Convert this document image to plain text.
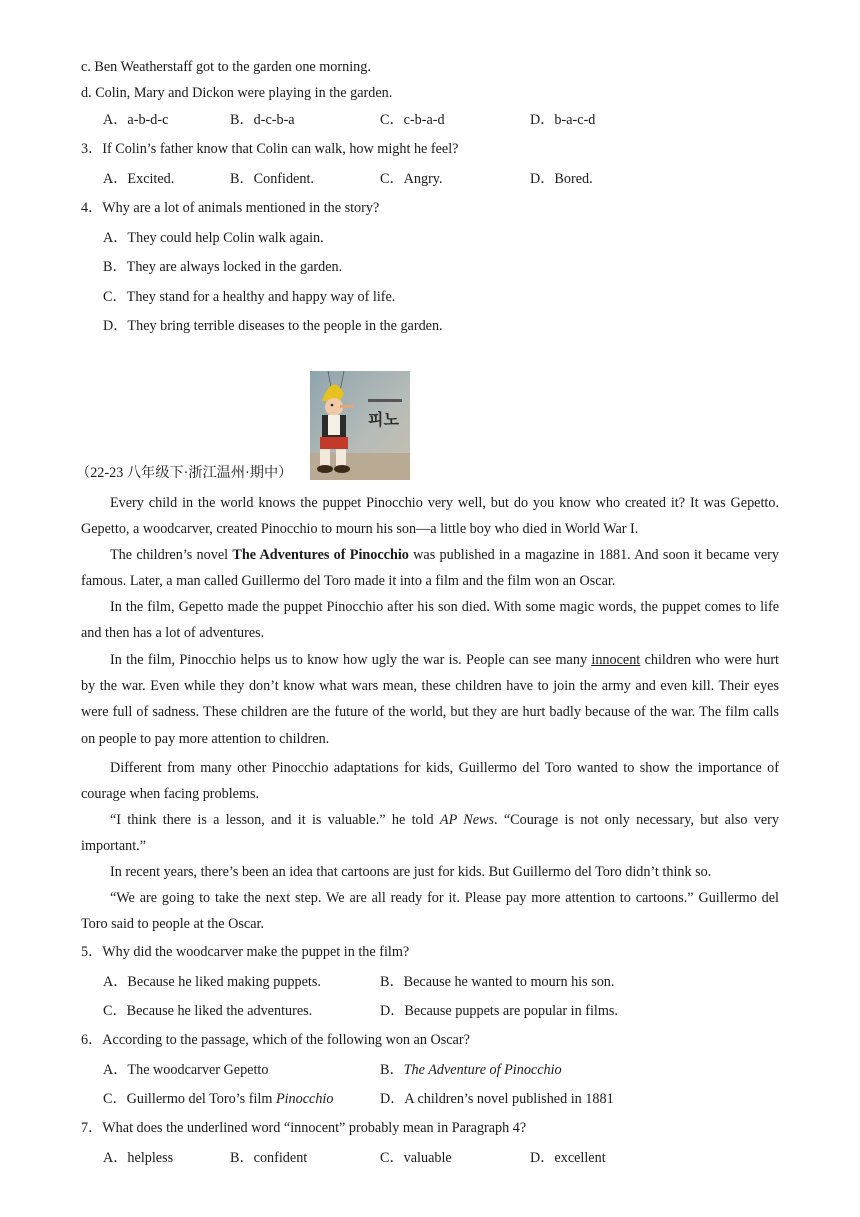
c. Ben Weatherstaff got to the garden one morning.
d. Colin, Mary and Dickon were playing in the garden.
A．a-b-d-c	B．d-c-b-a	C．c-b-a-d	D．b-a-c-d
3．If Colin’s father know that Colin can walk, how might he feel?
A．Excited.	B．Confident.	C．Angry.	D．Bored.
4．Why are a lot of animals mentioned in the story?
A．They could help Colin walk again.
B．They are always locked in the garden.
C．They stand for a healthy and happy way of life.
D．They bring terrible diseases to the people in the garden.
피노
（22-23 八年级下·浙江温州·期中）
Every child in the world knows the puppet Pinocchio very well, but do you know who created it? It was Gepetto. Gepetto, a woodcarver, created Pinocchio to mourn his son—a little boy who died in World War I.
The children’s novel The Adventures of Pinocchio was published in a magazine in 1881. And soon it became very famous. Later, a man called Guillermo del Toro made it into a film and the film won an Oscar.
In the film, Gepetto made the puppet Pinocchio after his son died. With some magic words, the puppet comes to life and then has a lot of adventures.
In the film, Pinocchio helps us to know how ugly the war is. People can see many innocent children who were hurt by the war. Even while they don’t know what wars mean, these children have to join the army and even kill. Their eyes were full of sadness. These children are the future of the world, but they are hurt badly because of the war. The film calls on people to pay more attention to children.
Different from many other Pinocchio adaptations for kids, Guillermo del Toro wanted to show the importance of courage when facing problems.
“I think there is a lesson, and it is valuable.” he told AP News. “Courage is not only necessary, but also very important.”
In recent years, there’s been an idea that cartoons are just for kids. But Guillermo del Toro didn’t think so.
“We are going to take the next step. We are all ready for it. Please pay more attention to cartoons.” Guillermo del Toro said to people at the Oscar.
5．Why did the woodcarver make the puppet in the film?
A．Because he liked making puppets.	B．Because he wanted to mourn his son.
C．Because he liked the adventures.	D．Because puppets are popular in films.
6．According to the passage, which of the following won an Oscar?
A．The woodcarver Gepetto	B．The Adventure of Pinocchio
C．Guillermo del Toro’s film Pinocchio	D．A children’s novel published in 1881
7．What does the underlined word “innocent” probably mean in Paragraph 4?
A．helpless	B．confident	C．valuable	D．excellent
